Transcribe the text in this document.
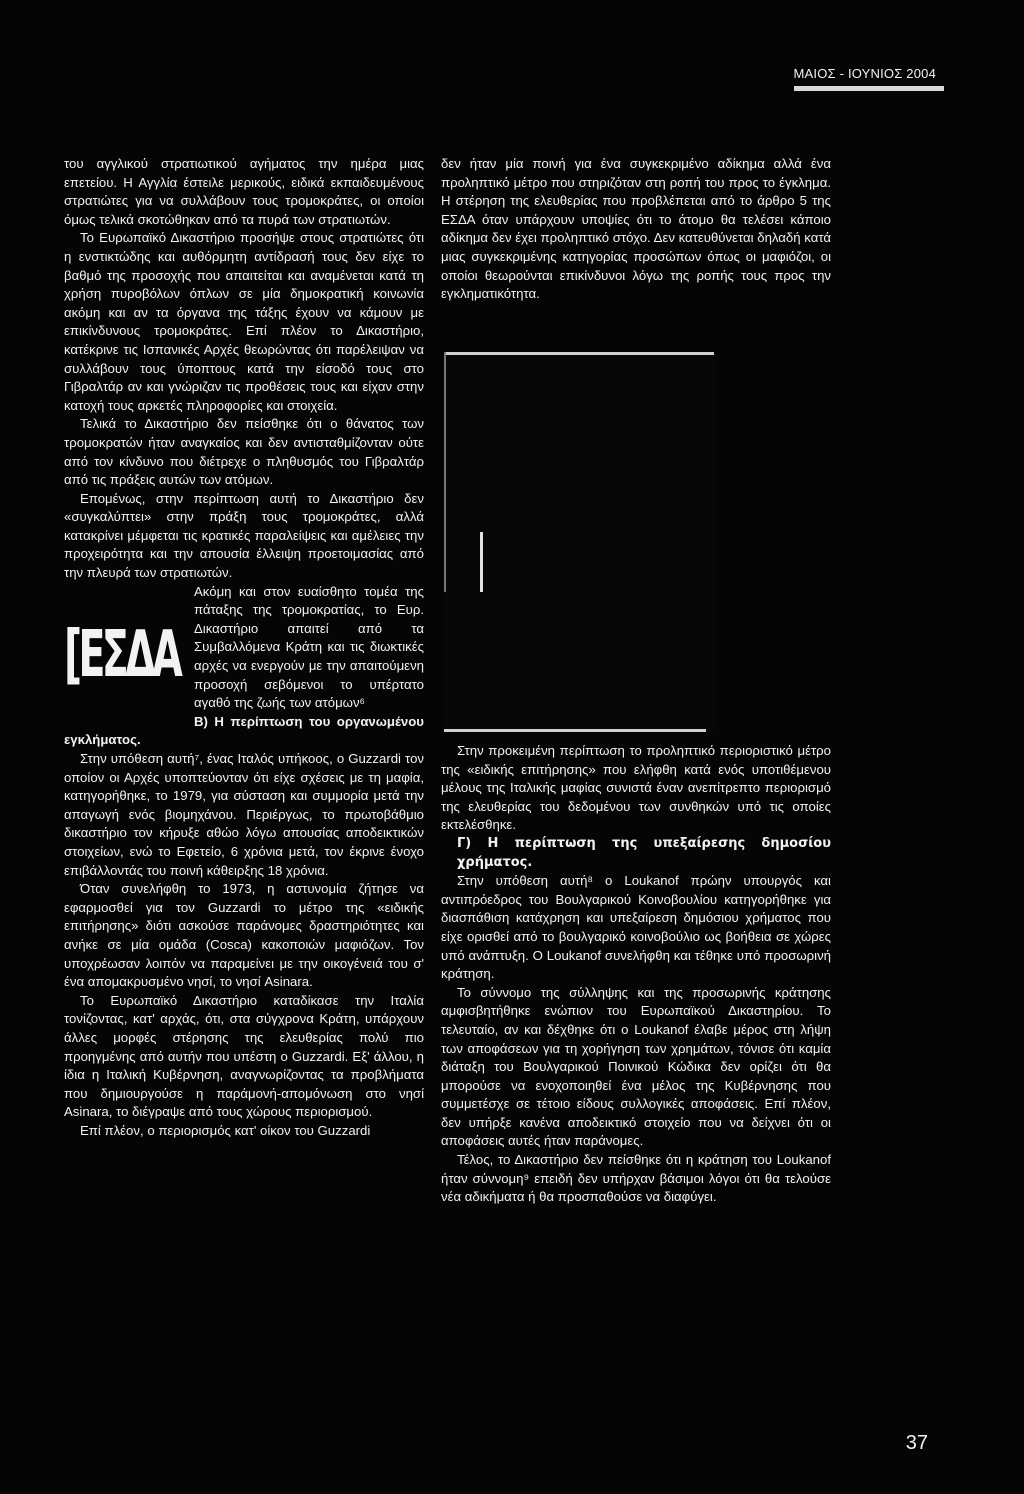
ΜΑΙΟΣ - ΙΟΥΝΙΟΣ 2004

του αγγλικού στρατιωτικού αγήματος την ημέρα μιας επετείου. Η Αγγλία έστειλε μερικούς, ειδικά εκπαιδευμένους στρατιώτες για να συλλάβουν τους τρομοκράτες, οι οποίοι όμως τελικά σκοτώθηκαν από τα πυρά των στρατιωτών.

Το Ευρωπαϊκό Δικαστήριο προσήψε στους στρατιώτες ότι η ενστικτώδης και αυθόρμητη αντίδρασή τους δεν είχε το βαθμό της προσοχής που απαιτείται και αναμένεται κατά τη χρήση πυροβόλων όπλων σε μία δημοκρατική κοινωνία ακόμη και αν τα όργανα της τάξης έχουν να κάμουν με επικίνδυνους τρομοκράτες. Επί πλέον το Δικαστήριο, κατέκρινε τις Ισπανικές Αρχές θεωρώντας ότι παρέλειψαν να συλλάβουν τους ύποπτους κατά την είσοδό τους στο Γιβραλτάρ αν και γνώριζαν τις προθέσεις τους και είχαν στην κατοχή τους αρκετές πληροφορίες και στοιχεία.

Τελικά το Δικαστήριο δεν πείσθηκε ότι ο θάνατος των τρομοκρατών ήταν αναγκαίος και δεν αντισταθμίζονταν ούτε από τον κίνδυνο που διέτρεχε ο πληθυσμός του Γιβραλτάρ από τις πράξεις αυτών των ατόμων.

Επομένως, στην περίπτωση αυτή το Δικαστήριο δεν «συγκαλύπτει» στην πράξη τους τρομοκράτες, αλλά κατακρίνει μέμφεται τις κρατικές παραλείψεις και αμέλειες την προχειρότητα και την απουσία έλλειψη προετοιμασίας από την πλευρά των στρατιωτών.

[ΕΣΔΑ

Ακόμη και στον ευαίσθητο τομέα της πάταξης της τρομοκρατίας, το Ευρ. Δικαστήριο απαιτεί από τα Συμβαλλόμενα Κράτη και τις διωκτικές αρχές να ενεργούν με την απαιτούμενη προσοχή σεβόμενοι το υπέρτατο αγαθό της ζωής των ατόμων⁶

Β) Η περίπτωση του οργανωμένου εγκλήματος.

Στην υπόθεση αυτή⁷, ένας Ιταλός υπήκοος, ο Guzzardi τον οποίον οι Αρχές υποπτεύονταν ότι είχε σχέσεις με τη μαφία, κατηγορήθηκε, το 1979, για σύσταση και συμμορία μετά την απαγωγή ενός βιομηχάνου. Περιέργως, το πρωτοβάθμιο δικαστήριο τον κήρυξε αθώο λόγω απουσίας αποδεικτικών στοιχείων, ενώ το Εφετείο, 6 χρόνια μετά, τον έκρινε ένοχο επιβάλλοντάς του ποινή κάθειρξης 18 χρόνια.

Όταν συνελήφθη το 1973, η αστυνομία ζήτησε να εφαρμοσθεί για τον Guzzardi το μέτρο της «ειδικής επιτήρησης» διότι ασκούσε παράνομες δραστηριότητες και ανήκε σε μία ομάδα (Cosca) κακοποιών μαφιόζων. Τον υποχρέωσαν λοιπόν να παραμείνει με την οικογένειά του σ' ένα απομακρυσμένο νησί, το νησί Asinara.

Το Ευρωπαϊκό Δικαστήριο καταδίκασε την Ιταλία τονίζοντας, κατ' αρχάς, ότι, στα σύγχρονα Κράτη, υπάρχουν άλλες μορφές στέρησης της ελευθερίας πολύ πιο προηγμένης από αυτήν που υπέστη ο Guzzardi. Εξ' άλλου, η ίδια η Ιταλική Κυβέρνηση, αναγνωρίζοντας τα προβλήματα που δημιουργούσε η παράμονή-απομόνωση στο νησί Asinara, το διέγραψε από τους χώρους περιορισμού.

Επί πλέον, ο περιορισμός κατ' οίκον του Guzzardi

δεν ήταν μία ποινή για ένα συγκεκριμένο αδίκημα αλλά ένα προληπτικό μέτρο που στηριζόταν στη ροπή του προς το έγκλημα. Η στέρηση της ελευθερίας που προβλέπεται από το άρθρο 5 της ΕΣΔΑ όταν υπάρχουν υποψίες ότι το άτομο θα τελέσει κάποιο αδίκημα δεν έχει προληπτικό στόχο. Δεν κατευθύνεται δηλαδή κατά μιας συγκεκριμένης κατηγορίας προσώπων όπως οι μαφιόζοι, οι οποίοι θεωρούνται επικίνδυνοι λόγω της ροπής τους προς την εγκληματικότητα.

Στην προκειμένη περίπτωση το προληπτικό περιοριστικό μέτρο της «ειδικής επιτήρησης» που ελήφθη κατά ενός υποτιθέμενου μέλους της Ιταλικής μαφίας συνιστά έναν ανεπίτρεπτο περιορισμό της ελευθερίας του δεδομένου των συνθηκών υπό τις οποίες εκτελέσθηκε.

Γ) Η περίπτωση της υπεξαίρεσης δημοσίου χρήματος.

Στην υπόθεση αυτή⁸ ο Loukanof πρώην υπουργός και αντιπρόεδρος του Βουλγαρικού Κοινοβουλίου κατηγορήθηκε για διασπάθιση κατάχρηση και υπεξαίρεση δημόσιου χρήματος που είχε ορισθεί από το βουλγαρικό κοινοβούλιο ως βοήθεια σε χώρες υπό ανάπτυξη. Ο Loukanof συνελήφθη και τέθηκε υπό προσωρινή κράτηση.

Το σύννομο της σύλληψης και της προσωρινής κράτησης αμφισβητήθηκε ενώπιον του Ευρωπαϊκού Δικαστηρίου. Το τελευταίο, αν και δέχθηκε ότι ο Loukanof έλαβε μέρος στη λήψη των αποφάσεων για τη χορήγηση των χρημάτων, τόνισε ότι καμία διάταξη του Βουλγαρικού Ποινικού Κώδικα δεν ορίζει ότι θα μπορούσε να ενοχοποιηθεί ένα μέλος της Κυβέρνησης που συμμετέσχε σε τέτοιο είδους συλλογικές αποφάσεις. Επί πλέον, δεν υπήρξε κανένα αποδεικτικό στοιχείο που να δείχνει ότι οι αποφάσεις αυτές ήταν παράνομες.

Τέλος, το Δικαστήριο δεν πείσθηκε ότι η κράτηση του Loukanof ήταν σύννομη⁹ επειδή δεν υπήρχαν βάσιμοι λόγοι ότι θα τελούσε νέα αδικήματα ή θα προσπαθούσε να διαφύγει.

37
